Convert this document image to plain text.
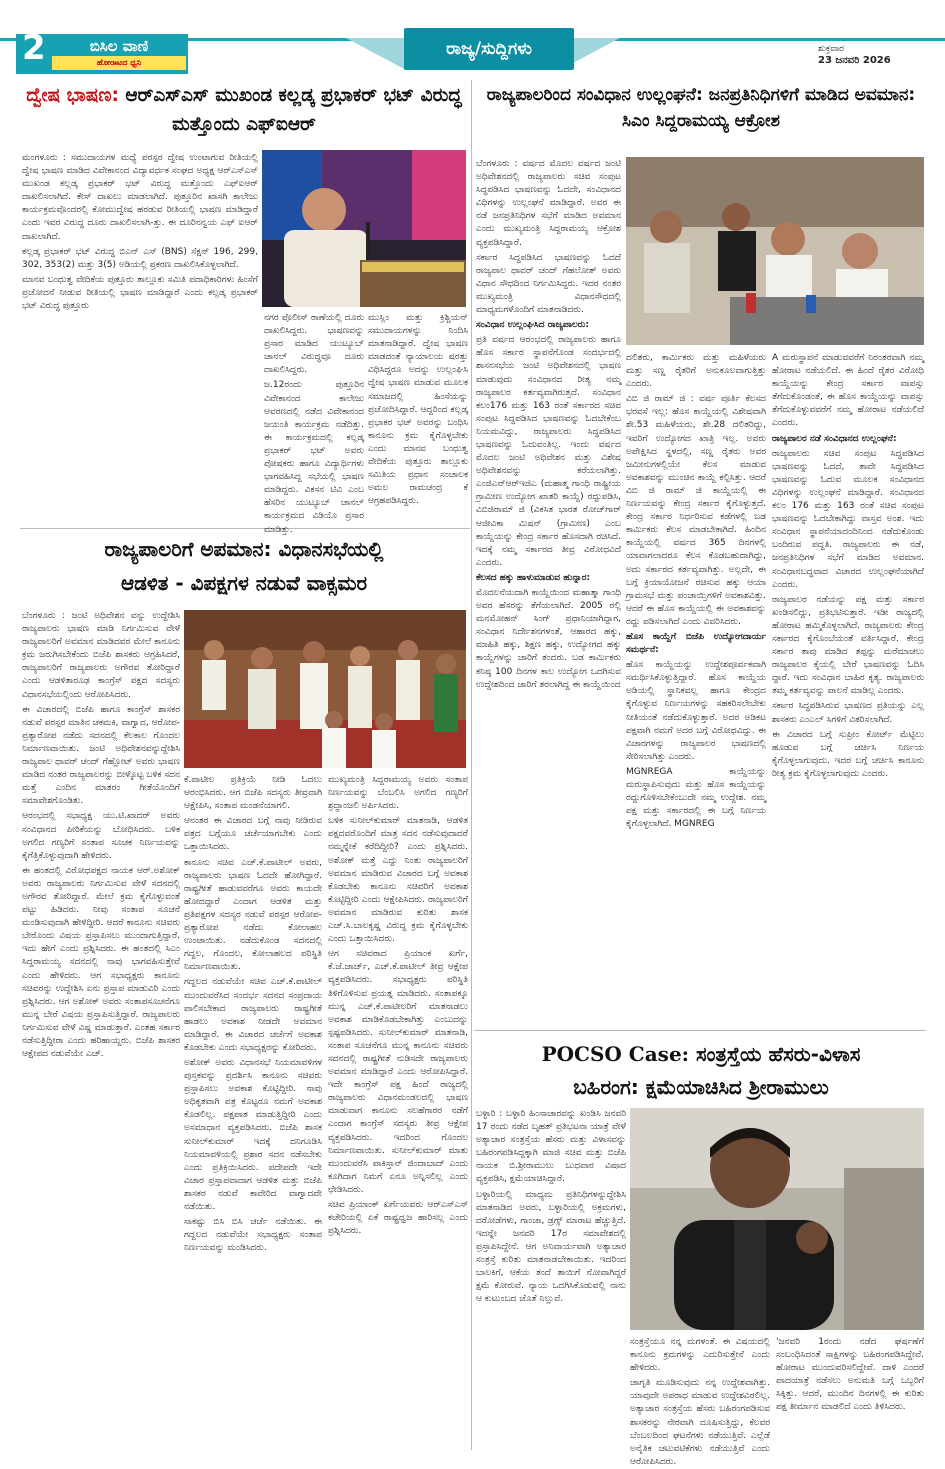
2	ಬಿಸಿಲ ವಾಣಿ
ಹೋರಾಟದ ಧ್ವನಿ
ರಾಜ್ಯ/ಸುದ್ದಿಗಳು	ಶುಕ್ರವಾರ
23 ಜನವರಿ 2026
ದ್ವೇಷ ಭಾಷಣ: ಆರ್‌ಎಸ್‌ಎಸ್ ಮುಖಂಡ ಕಲ್ಲಡ್ಕ ಪ್ರಭಾಕರ್ ಭಟ್ ವಿರುದ್ಧ ಮತ್ತೊಂದು ಎಫ್‌ಐಆರ್

ಮಂಗಳೂರು : ಸಮುದಾಯಗಳ ಮಧ್ಯೆ ಪರಸ್ಪರ ದ್ವೇಷ ಉಂಟಾಗುವ ರೀತಿಯಲ್ಲಿ ದ್ವೇಷ ಭಾಷಣ ಮಾಡಿದ ವಿವೇಕಾನಂದ ವಿದ್ಯಾವರ್ಧಕ ಸಂಘದ ಅಧ್ಯಕ್ಷ ಆರ್‌ಎಸ್‌ಎಸ್ ಮುಖಂಡ ಕಲ್ಲಡ್ಕ ಪ್ರಭಾಕರ್ ಭಟ್ ವಿರುದ್ಧ ಮತ್ತೊಂದು ಎಫ್‌ಐಆರ್ ದಾಖಲಿಸಲಾಗಿದೆ. ಕೇಸ್ ದಾಖಲು ಮಾಡಲಾಗಿದೆ. ಪುತ್ತೂರಿನ ಖಾಸಗಿ ಕಾಲೇಜು ಕಾರ್ಯಕ್ರಮವೊಂದರಲ್ಲಿ ಕೋಮುದ್ವೇಷ ಹರಡುವ ರೀತಿಯಲ್ಲಿ ಭಾಷಣ ಮಾಡಿದ್ದಾರೆ ಎಂದು ಇವರ ವಿರುದ್ಧ ದೂರು ದಾಖಲಿಸಲಾಗಿ-ತ್ತು. ಈ ದೂರಿನನ್ವಯ ಎಫ್ ಐಆರ್ ದಾಖಲಾಗಿದೆ.

ಕಲ್ಲಡ್ಕ ಪ್ರಭಾಕರ್ ಭಟ್ ವಿರುದ್ಧ ಬಿಎನ್ ಎಸ್ (BNS) ಸೆಕ್ಷನ್ 196, 299, 302, 353(2) ಮತ್ತು 3(5) ಅಡಿಯಲ್ಲಿ ಪ್ರಕರಣ ದಾಖಲಿಸಿಕೊಳ್ಳಲಾಗಿದೆ.

ಮಾನವ ಬಂಧುತ್ವ ವೇದಿಕೆಯ ಪುತ್ತೂರು ತಾಲ್ಲೂಕು ಸಮಿತಿ ಪದಾಧಿಕಾರಿಗಳು ಹಿಂಸೆಗೆ ಪ್ರಚೋದನೆ ನೀಡುವ ರೀತಿಯಲ್ಲಿ ಭಾಷಣ ಮಾಡಿದ್ದಾರೆ ಎಂದು ಕಲ್ಲಡ್ಕ ಪ್ರಭಾಕರ್ ಭಟ್ ವಿರುದ್ಧ ಪುತ್ತೂರು

ನಗರ ಪೊಲೀಸ್ ಠಾಣೆಯಲ್ಲಿ ದೂರು ದಾಖಲಿಸಿದ್ದರು. ಭಾಷಣವನ್ನು ಪ್ರಸಾರ ಮಾಡಿದ ಯುಟ್ಯೂಬ್ ಚಾನಲ್ ವಿರುದ್ಧವೂ ದೂರು ದಾಖಲಿಸಿದ್ದರು.

ಜ.12ರಂದು ಪುತ್ತೂರಿನ ವಿವೇಕಾನಂದ ಕಾಲೇಜು ಆವರಣದಲ್ಲಿ ನಡೆದ ವಿವೇಕಾನಂದ ಜಯಂತಿ ಕಾರ್ಯಕ್ರಮ ನಡೆದಿತ್ತು. ಈ ಕಾರ್ಯಕ್ರಮದಲ್ಲಿ ಕಲ್ಲಡ್ಕ ಪ್ರಭಾಕರ್ ಭಟ್ ಅವರು ಪೋಷಕರು ಹಾಗೂ ವಿದ್ಯಾರ್ಥಿಗಳು ಭಾಗವಹಿಸಿದ್ದ ಸಭೆಯಲ್ಲಿ ಭಾಷಣ ಮಾಡಿದ್ದರು. ವಿಕಸನ ಟಿವಿ ಎಂಬ ಹೆಸರಿನ ಯುಟ್ಯೂಬ್ ಚಾನಲ್ ಕಾರ್ಯಕ್ರಮದ ವಿಡಿಯೊ ಪ್ರಸಾರ ಮಾಡಿತ್ತು.

ಮುಸ್ಲಿಂ ಮತ್ತು ಕ್ರಿಶ್ಚಿಯನ್ ಸಮುದಾಯಗಳನ್ನು ನಿಂದಿಸಿ ಮಾತನಾಡಿದ್ದಾರೆ. ದ್ವೇಷ ಭಾಷಣ ಮಾಡದಂತೆ ನ್ಯಾಯಾಲಯ ಷರತ್ತು ವಿಧಿಸಿದ್ದರೂ ಅದನ್ನು ಉಲ್ಲಂಘಿಸಿ ದ್ವೇಷ ಭಾಷಣ ಮಾಡುವ ಮೂಲಕ ಸಮಾಜದಲ್ಲಿ ಹಿಂಸೆಯನ್ನು ಪ್ರಚೋದಿಸಿದ್ದಾರೆ. ಆದ್ದರಿಂದ ಕಲ್ಲಡ್ಕ ಪ್ರಭಾಕರ ಭಟ್ ಅವರನ್ನು ಬಂಧಿಸಿ ಕಾನೂನು ಕ್ರಮ ಕೈಗೊಳ್ಳಬೇಕು ಎಂದು ಮಾನವ ಬಂಧುತ್ವ ವೇದಿಕೆಯ ಪುತ್ತೂರು ತಾಲ್ಲೂಕು ಸಮಿತಿಯ ಪ್ರಧಾನ ಸಂಚಾಲಕ ಅಮಲ ರಾಮಚಂದ್ರ ಕೆ ಆಗ್ರಹಪಡಿಸಿದ್ದರು.

ರಾಜ್ಯಪಾಲರಿಂದ ಸಂವಿಧಾನ ಉಲ್ಲಂಘನೆ: ಜನಪ್ರತಿನಿಧಿಗಳಿಗೆ ಮಾಡಿದ ಅವಮಾನ: ಸಿಎಂ ಸಿದ್ದರಾಮಯ್ಯ ಆಕ್ರೋಶ

ಬೆಂಗಳೂರು : ವರ್ಷದ ಮೊದಲ ವರ್ಷದ ಜಂಟಿ ಅಧಿವೇಶನದಲ್ಲಿ ರಾಜ್ಯಪಾಲರು ಸಚಿವ ಸಂಪುಟ ಸಿದ್ಧಪಡಿಸಿದ ಭಾಷಣವನ್ನು ಓದದೇ, ಸಂವಿಧಾನದ ವಿಧಿಗಳನ್ನು ಉಲ್ಲಂಘನೆ ಮಾಡಿದ್ದಾರೆ. ಅವರ ಈ ನಡೆ ಜನಪ್ರತಿನಿಧಿಗಳ ಸಭೆಗೆ ಮಾಡಿದ ಅವಮಾನ ಎಂದು ಮುಖ್ಯಮಂತ್ರಿ ಸಿದ್ದರಾಮಯ್ಯ ಆಕ್ರೋಶ ವ್ಯಕ್ತಪಡಿಸಿದ್ದಾರೆ.

ಸರ್ಕಾರ ಸಿದ್ಧಪಡಿಸಿದ ಭಾಷಣವನ್ನು ಓದದೆ ರಾಜ್ಯಪಾಲ ಥಾವರ್ ಚಂದ್ ಗೆಹಲೋತ್ ಅವರು ವಿಧಾನ ಸೌಧದಿಂದ ನಿರ್ಗಮಿಸಿದ್ದರು. ಇದರ ನಂತರ ಮುಖ್ಯಮಂತ್ರಿ ವಿಧಾನಸೌಧದಲ್ಲಿ ಮಾಧ್ಯಮಗಳೊಂದಿಗೆ ಮಾತನಾಡಿದರು.

ಸಂವಿಧಾನ ಉಲ್ಲಂಘಿಸಿದ ರಾಜ್ಯಪಾಲರು:

ಪ್ರತಿ ವರ್ಷದ ಆರಂಭದಲ್ಲಿ ರಾಜ್ಯಪಾಲರು ಹಾಗೂ ಹೊಸ ಸರ್ಕಾರ ಸ್ಥಾಪನೆಗೊಂಡ ಸಂದರ್ಭದಲ್ಲಿ ಶಾಸನಸಭೆಯ ಜಂಟಿ ಅಧಿವೇಶನದಲ್ಲಿ ಭಾಷಣ ಮಾಡುವುದು ಸಂವಿಧಾನದ ರೀತ್ಯ ನಮ್ಮ ರಾಜ್ಯಪಾಲರ ಕರ್ತವ್ಯವಾಗಿರುತ್ತದೆ. ಸಂವಿಧಾನ ಕಲಂ176 ಮತ್ತು 163 ರಂತೆ ಸರ್ಕಾರದ ಸಚಿವ ಸಂಪುಟ ಸಿದ್ಧಪಡಿಸಿದ ಭಾಷಣವನ್ನು ಓದಬೇಕೆಂಬ ನಿಯಮವಿದ್ದು, ರಾಜ್ಯಪಾಲರು ಸಿದ್ಧಪಡಿಸಿದ ಭಾಷಣವನ್ನು ಓದುವಂತಿಲ್ಲ. ಇಂದು ವರ್ಷದ ಮೊದಲ ಜಂಟಿ ಅಧಿವೇಶನ ಮತ್ತು ವಿಶೇಷ ಅಧಿವೇಶನವನ್ನು ಕರೆಯಲಾಗಿತ್ತು. ಎಂಜಿಎನ್ಆರ್‌ಇಜಿಎ (ಮಹಾತ್ಮ ಗಾಂಧಿ ರಾಷ್ಟ್ರೀಯ ಗ್ರಾಮೀಣ ಉದ್ಯೋಗ ಖಾತರಿ ಕಾಯ್ದೆ) ರದ್ದುಪಡಿಸಿ, ವಿಬಿಜಿರಾಮ್ ಜಿ (ವಿಕಸಿತ ಭಾರತ ರೋಜ್‌ಗಾರ್ ಆಜೀವಿಕಾ ಮಿಷನ್ (ಗ್ರಾಮೀಣ) ಎಂಬ ಕಾಯ್ದೆಯನ್ನು ಕೇಂದ್ರ ಸರ್ಕಾರ ಹೊಸದಾಗಿ ರಚಿಸಿದೆ. ಇದಕ್ಕೆ ನಮ್ಮ ಸರ್ಕಾರದ ತೀವ್ರ ವಿರೋಧವಿದೆ ಎಂದರು.

ಕೆಲಸದ ಹಕ್ಕು ಹಾಳುಮಾಡುವ ಹುನ್ನಾರ:

ಮೊದಲನೆಯದಾಗಿ ಕಾಯ್ದೆಯಿಂದ ಮಹಾತ್ಮಾ ಗಾಂಧಿ ಅವರ ಹೆಸರನ್ನು ತೆಗೆಯಲಾಗಿದೆ. 2005 ರಲ್ಲಿ ಮನಮೋಹನ್ ಸಿಂಗ್ ಪ್ರಧಾನಿಯಾಗಿದ್ದಾಗ, ಸಂವಿಧಾನ ನಿರ್ದೇಶನಗಳಂತೆ, ಆಹಾರದ ಹಕ್ಕು, ಮಾಹಿತಿ ಹಕ್ಕು, ಶಿಕ್ಷಣ ಹಕ್ಕು, ಉದ್ಯೋಗದ ಹಕ್ಕು ಕಾಯ್ದೆಗಳನ್ನು ಜಾರಿಗೆ ತಂದರು. ಬಡ ಕಾರ್ಮಿಕರು ಕನಿಷ್ಠ 100 ದಿನಗಳ ಕಾಲ ಉದ್ಯೋಗ ಒದಗಿಸುವ ಉದ್ದೇಶದಿಂದ ಜಾರಿಗೆ ತರಲಾಗಿದ್ದ ಈ ಕಾಯ್ದೆಯಿಂದ

ದಲಿತರು, ಕಾರ್ಮಿಕರು ಮತ್ತು ಮಹಿಳೆಯರು ಮತ್ತು ಸಣ್ಣ ರೈತರಿಗೆ ಅನುಕೂಲವಾಗುತ್ತಿತ್ತು ಎಂದರು.

ವಿಬಿ ಜಿ ರಾಮ್ ಜಿ : ವರ್ಷ ಪೂರ್ತಿ ಕೆಲಸದ ಭರವಸೆ ಇಲ್ಲ: ಹೊಸ ಕಾಯ್ದೆಯಲ್ಲಿ ವಿಶೇಷವಾಗಿ ಶೇ.53 ಮಹಿಳೆಯರು, ಶೇ.28 ದಲಿತರಿದ್ದು, ಇವರಿಗೆ ಉದ್ಯೋಗದ ಖಾತ್ರಿ ಇಲ್ಲ. ಅವರು ಅಪೇಕ್ಷಿಸಿದ ಸ್ಥಳದಲ್ಲಿ, ಸಣ್ಣ ರೈತರು ಅವರ ಜಮೀನುಗಳಲ್ಲಿಯೇ ಕೆಲಸ ಮಾಡುವ ಅವಕಾಶವನ್ನು ಮುಂಚಿನ ಕಾಯ್ದೆ ಕಲ್ಪಿಸಿತ್ತು. ಆದರೆ ವಿಬಿ ಜಿ ರಾಮ್ ಜಿ ಕಾಯ್ದೆಯಲ್ಲಿ ಈ ನಿರ್ಣಯವನ್ನು ಕೇಂದ್ರ ಸರ್ಕಾರ ಕೈಗೊಳ್ಳುತ್ತದೆ. ಕೇಂದ್ರ ಸರ್ಕಾರ ನಿರ್ಧರಿಸುವ ಕಡೆಗಳಲ್ಲಿ ಬಡ ಕಾರ್ಮಿಕರು ಕೆಲಸ ಮಾಡಬೇಕಾಗಿದೆ. ಹಿಂದಿನ ಕಾಯ್ದೆಯಲ್ಲಿ ವರ್ಷದ 365 ದಿನಗಳಲ್ಲಿ ಯಾವಾಗಲಾದರೂ ಕೆಲಸ ಕೊಡಬಹುದಾಗಿದ್ದು, ಅದು ಸರ್ಕಾರದ ಕರ್ತವ್ಯವಾಗಿತ್ತು. ಅಲ್ಲದೇ, ಈ ಬಗ್ಗೆ ಕ್ರಿಯಾಯೋಜನೆ ರಚಿಸುವ ಹಕ್ಕು ಆಯಾ ಗ್ರಾಮಸಭೆ ಮತ್ತು ಪಂಚಾಯ್ತಿಗಳಿಗೆ ಅವಕಾಶವಿತ್ತು. ಆದರೆ ಈ ಹೊಸ ಕಾಯ್ದೆಯಲ್ಲಿ ಈ ಅವಕಾಶವನ್ನು ರದ್ದು ಪಡಿಸಲಾಗಿದೆ ಎಂದು ವಿವರಿಸಿದರು.

ಹೊಸ ಕಾಯ್ದೆಗೆ ಬಿಜೆಪಿ ಉದ್ಯೋಗದಾರ್ಯ ಸಮರ್ಥನೆ:

ಹೊಸ ಕಾಯ್ದೆಯನ್ನು ಉದ್ದೇಶಪೂರ್ವಕವಾಗಿ ಸಮರ್ಥಿಸಿಕೊಳ್ಳುತ್ತಿದ್ದಾರೆ. ಹೊಸ ಕಾಯ್ದೆಯ ಅಡಿಯಲ್ಲಿ ಸ್ಥಾನಿಕವಲ್ಲ ಹಾಗೂ ಕೇಂದ್ರದ ಕೈಗೊಳ್ಳುವ ನಿರ್ಣಯಗಳನ್ನು ಸಹಕರಿಸಲೇಬೇಕು ನೀತಿಯಂತೆ ನಡೆದುಕೊಳ್ಳುತ್ತಾರೆ. ಅದರ ಅಡಿಕಟ ಪಕ್ಷವಾಗಿ ನಮಗೆ ಅದರ ಬಗ್ಗೆ ವಿರೋಧವಿದ್ದು. ಈ ವಿಚಾರಗಳನ್ನು ರಾಜ್ಯಪಾಲರ ಭಾಷಣದಲ್ಲಿ ಸೇರಿಸಲಾಗಿತ್ತು ಎಂದರು.

MGNREGA ಕಾಯ್ದೆಯನ್ನು ಮರುಸ್ಥಾಪಿಸುವುದು ಮತ್ತು ಹೊಸ ಕಾಯ್ದೆಯನ್ನು ರದ್ದುಗೊಳಿಸಬೇಕೆಂಬುದೇ ನಮ್ಮ ಉದ್ದೇಶ. ನಮ್ಮ ಪಕ್ಷ ಮತ್ತು ಸರ್ಕಾರದಲ್ಲಿ ಈ ಬಗ್ಗೆ ನಿರ್ಣಯ ಕೈಗೊಳ್ಳಲಾಗಿದೆ. MGNREG

A ಮರುಸ್ಥಾಪನೆ ಮಾಡುವವರೆಗೆ ನಿರಂತರವಾಗಿ ನಮ್ಮ ಹೋರಾಟ ನಡೆಯಲಿದೆ. ಈ ಹಿಂದೆ ರೈತರ ವಿರೋಧಿ ಕಾಯ್ದೆಯನ್ನು ಕೇಂದ್ರ ಸರ್ಕಾರ ವಾಪಸ್ಸು ತೆಗೆದುಕೊಂಡಂತೆ, ಈ ಹೊಸ ಕಾಯ್ದೆಯನ್ನು ವಾಪಸ್ಸು ತೆಗೆದುಕೊಳ್ಳುವವರೆಗೆ ನಮ್ಮ ಹೋರಾಟ ನಡೆಯಲಿದೆ ಎಂದರು.

ರಾಜ್ಯಪಾಲರ ನಡೆ ಸಂವಿಧಾನದ ಉಲ್ಲಂಘನೆ:

ರಾಜ್ಯಪಾಲರು ಸಚಿವ ಸಂಪುಟ ಸಿದ್ಧಪಡಿಸಿದ ಭಾಷಣವನ್ನು ಓದದೆ, ತಾವೇ ಸಿದ್ಧಪಡಿಸಿದ ಭಾಷಣವನ್ನು ಓದುವ ಮೂಲಕ ಸಂವಿಧಾನದ ವಿಧಿಗಳನ್ನು ಉಲ್ಲಂಘನೆ ಮಾಡಿದ್ದಾರೆ. ಸಂವಿಧಾನದ ಕಲಂ 176 ಮತ್ತು 163 ರಂತೆ ಸಚಿವ ಸಂಪುಟ ಭಾಷಣವನ್ನು ಓದಬೇಕಾಗಿದ್ದು ವಾಸ್ತವ ಅಂಶ. ಇದು ಸಂವಿಧಾನ ಸ್ಥಾಪನೆಯಾದಂದಿನಿಂದ ನಡೆದುಕೊಂಡು ಬಂದಿರುವ ಪದ್ಧತಿ. ರಾಜ್ಯಪಾಲರು ಈ ನಡೆ, ಜನಪ್ರತಿನಿಧಿಗಳ ಸಭೆಗೆ ಮಾಡಿದ ಅವಮಾನ. ಸಂವಿಧಾನಬದ್ಧವಾದ ವಿಚಾರದ ಉಲ್ಲಂಘನೆಯಾಗಿದೆ ಎಂದರು.

ರಾಜ್ಯಪಾಲರ ನಡೆಯನ್ನು ಪಕ್ಷ ಮತ್ತು ಸರ್ಕಾರ ಖಂಡಿಸಲಿದ್ದು, ಪ್ರತಿಭಟಿಸುತ್ತಾರೆ. ಇಡೀ ರಾಜ್ಯದಲ್ಲಿ ಹೋರಾಟ ಹಮ್ಮಿಕೊಳ್ಳಲಾಗಿದೆ. ರಾಜ್ಯಪಾಲರು ಕೇಂದ್ರ ಸರ್ಕಾರದ ಕೈಗೊಂಬೆಯಂತೆ ವರ್ತಿಸಿದ್ದಾರೆ. ಕೇಂದ್ರ ಸರ್ಕಾರ ತಾವು ಮಾಡಿದ ತಪ್ಪನ್ನು ಮರೆಮಾಚಲು ರಾಜ್ಯಪಾಲರ ಕೈಯಲ್ಲಿ ಬೇರೆ ಭಾಷಣವನ್ನು ಓದಿಸಿ ದ್ದಾರೆ. ಇದು ಸಂವಿಧಾನ ಬಾಹಿರ ಕೃತ್ಯ. ರಾಜ್ಯಪಾಲರು ತಮ್ಮ ಕರ್ತವ್ಯವನ್ನು ಪಾಲನೆ ಮಾಡಿಲ್ಲ ಎಂದರು.

ಸರ್ಕಾರ ಸಿದ್ಧಪಡಿಸಿರುವ ಭಾಷಣದ ಪ್ರತಿಯನ್ನು ಎಲ್ಲ ಶಾಸಕರು ಎಂಎಲ್ ಸಿಗಳಿಗೆ ವಿತರಿಸಲಾಗಿದೆ.

ಈ ವಿಚಾರದ ಬಗ್ಗೆ ಸುಪ್ರೀಂ ಕೋರ್ಟ್ ಮೆಟ್ಟಿಲು ಹೂಡುವ ಬಗ್ಗೆ ಚರ್ಚಿಸಿ ನಿರ್ಣಯ ಕೈಗೊಳ್ಳಲಾಗುವುದು. ಇದರ ಬಗ್ಗೆ ಚರ್ಚಿಸಿ ಕಾನೂನು ರೀತ್ಯ ಕ್ರಮ ಕೈಗೊಳ್ಳಲಾಗುವುದು ಎಂದರು.

ರಾಜ್ಯಪಾಲರಿಗೆ ಅಪಮಾನ: ವಿಧಾನಸಭೆಯಲ್ಲಿ
ಆಡಳಿತ - ವಿಪಕ್ಷಗಳ ನಡುವೆ ವಾಕ್ಸಮರ

ಬೆಂಗಳೂರು : ಜಂಟಿ ಅಧಿವೇಶನ ವನ್ನು ಉದ್ದೇಶಿಸಿ ರಾಜ್ಯಪಾಲರು ಭಾಷಣ ಮಾಡಿ ನಿರ್ಗಮಿಸುವ ವೇಳೆ ರಾಜ್ಯಪಾಲರಿಗೆ ಅವಮಾನ ಮಾಡಿದವರ ಮೇಲೆ ಕಾನೂನು ಕ್ರಮ ಜರುಗಿಸಬೇಕೆಂದು ಬಿಜೆಪಿ ಶಾಸಕರು ಆಗ್ರಹಿಸಿದರೆ, ರಾಜ್ಯಪಾಲರಿಗೆ ರಾಜ್ಯಪಾಲರು ಅಗೌರವ ತೋರಿದ್ದಾರೆ ಎಂದು ಆಡಳಿತಾರೂಢ ಕಾಂಗ್ರೆಸ್ ಪಕ್ಷದ ಸದಸ್ಯರು ವಿಧಾನಸಭೆಯಲ್ಲಿಂದು ಆರೋಪಿಸಿದರು.

ಈ ವಿಚಾರದಲ್ಲಿ ಬಿಜೆಪಿ ಹಾಗೂ ಕಾಂಗ್ರೆಸ್ ಶಾಸಕರ ನಡುವೆ ಪರಸ್ಪರ ಮಾತಿನ ಚಕಮಕಿ, ವಾಗ್ವಾದ, ಆರೋಪ-ಪ್ರತ್ಯಾರೋಪ ನಡೆದು ಸದನದಲ್ಲಿ ಕೆಲಕಾಲ ಗೊಂದಲ ನಿರ್ಮಾಣವಾಯಿತು. ಜಂಟಿ ಅಧಿವೇಶನವನ್ನುದ್ದೇಶಿಸಿ ರಾಜ್ಯಪಾಲ ಥಾವರ್ ಚಂದ್ ಗೆಹ್ಲೋಟ್ ಅವರು ಭಾಷಣ ಮಾಡಿದ ನಂತರ ರಾಜ್ಯಪಾಲರನ್ನು ಬೀಳ್ಕೊಟ್ಟ ಬಳಿಕ ಸದನ ಮತ್ತೆ ಎಂದಿನ ಮಾತರಂ ಗೀತೆಯೊಂದಿಗೆ ಸಮಾವೇಶಗೊಂಡಿತು.

ಆರಂಭದಲ್ಲಿ ಸಭಾಧ್ಯಕ್ಷ ಯು.ಟಿ.ಖಾದರ್ ಅವರು ಸಂವಿಧಾನದ ಪೀಠಿಕೆಯನ್ನು ಬೋಧಿಸಿದರು. ಬಳಿಕ ಅಗಲಿದ ಗಣ್ಯರಿಗೆ ಸಂತಾಪ ಸೂಚಕ ನಿರ್ಣಯವನ್ನು ಕೈಗೆತ್ತಿಕೊಳ್ಳುವುದಾಗಿ ಹೇಳಿದರು.

ಈ ಹಂತದಲ್ಲಿ ವಿರೋಧಪಕ್ಷದ ನಾಯಕ ಆರ್.ಅಶೋಕ್ ಅವರು ರಾಜ್ಯಪಾಲರು ನಿರ್ಗಮಿಸುವ ವೇಳೆ ಸದನದಲ್ಲಿ ಅಗೌರವ ತೋರಿದ್ದಾರೆ. ಮೇಲೆ ಕ್ರಮ ಕೈಗೊಳ್ಳುವಂತೆ ಪಟ್ಟು ಹಿಡಿದರು. ನೀವು ಸಂತಾಪ ಸೂಚನೆ ಮಂಡಿಸುವುದಾಗಿ ಹೇಳಿದ್ದೀರಿ. ಆದರೆ ಕಾನೂನು ಸಚಿವರು ಬೇರೊಂದು ವಿಷಯ ಪ್ರಸ್ತಾಪಿಸಲು ಮುಂದಾಗುತ್ತಿದ್ದಾರೆ. ಇದು ಹೇಗೆ ಎಂದು ಪ್ರಶ್ನಿಸಿದರು. ಈ ಹಂತದಲ್ಲಿ ಸಿಎಂ ಸಿದ್ದರಾಮಯ್ಯ ಸದನದಲ್ಲಿ ನಾವು ಭಾಗವಹಿಸುತ್ತೇವೆ ಎಂದು ಹೇಳಿದರು. ಆಗ ಸಭಾಧ್ಯಕ್ಷರು ಕಾನೂನು ಸಚಿವರನ್ನು ಉದ್ದೇಶಿಸಿ ಏನು ಪ್ರಸ್ತಾಪ ಮಾಡುವಿರಿ ಎಂದು ಪ್ರಶ್ನಿಸಿದರು. ಆಗ ಅಶೋಕ್ ಅವರು ಸಂತಾಪಸೂಚನೆಗೂ ಮುನ್ನ ಬೇರೆ ವಿಷಯ ಪ್ರಸ್ತಾಪಿಸುತ್ತಿದ್ದಾರೆ. ರಾಜ್ಯಪಾಲರು ನಿರ್ಗಮಿಸುವ ವೇಳೆ ವಿಷ್ಣ ಮಾಡುತ್ತಾರೆ. ಎಂತಹ ಸರ್ಕಾರ ನಡೆಸುತ್ತಿದ್ದೀರಾ ಎಂದು ಹರಿಹಾಯ್ದರು. ಬಿಜೆಪಿ ಶಾಸಕರ ಆಕ್ಷೇಪದ ನಡುವೆಯೇ ಎಚ್.

ಕೆ.ಪಾಟೀಲ ಪ್ರತಿಕ್ರಿಯೆ ನೀಡಿ ಓದಲು ಆರಂಭಿಸಿದರು. ಆಗ ಬಿಜೆಪಿ ಸದಸ್ಯರು ತೀವ್ರವಾಗಿ ಆಕ್ಷೇಪಿಸಿ, ಸಂತಾಪ ಮಂಡನೆಯಾಗಲಿ.

ಆನಂತರ ಈ ವಿಚಾರದ ಬಗ್ಗೆ ನಾವು ನೀಡಿರುವ ಪತ್ರದ ಬಗ್ಗೆಯೂ ಚರ್ಚೆಯಾಗಬೇಕು ಎಂದು ಒತ್ತಾಯಿಸಿದರು.

ಕಾನೂನು ಸಚಿವ ಎಚ್.ಕೆ.ಪಾಟೀಲ್ ಅವರು, ರಾಜ್ಯಪಾಲರು ಭಾಷಣ ಓದದೇ ಹೋಗಿದ್ದಾರೆ. ರಾಷ್ಟ್ರಗೀತೆ ಹಾಡುವವರೆಗೂ ಅವರು ಕಾಯದೇ ಹೋದದ್ದಾರೆ ಎಂದಾಗ ಆಡಳಿತ ಮತ್ತು ಪ್ರತಿಪಕ್ಷಗಳ ಸದಸ್ಯರ ನಡುವೆ ಪರಸ್ಪರ ಆರೋಪ-ಪ್ರತ್ಯಾರೋಪ ನಡೆದು ಕೋಲಾಹಲ ಉಂಟಾಯಿತು. ನಡೆದುಕೊಂಡ ಸದನದಲ್ಲಿ ಗದ್ದಲ, ಗೊಂದಲ, ಕೋಲಾಹಲದ ಪರಿಸ್ಥಿತಿ ನಿರ್ಮಾಣವಾಯಿತು.

ಗದ್ದಲದ ನಡುವೆಯೇ ಸಚಿವ ಎಚ್.ಕೆ.ಪಾಟೀಲ್ ಮುಂದುವರೆಸಿದ ಸಂದರ್ಭ ಸದನದ ಸಂಪ್ರದಾಯ ಪಾಲಿಸಬೇಕಾದ ರಾಜ್ಯಪಾಲರು ರಾಷ್ಟ್ರಗೀತೆ ಹಾಡಲು ಅವಕಾಶ ನೀಡದೇ ಅವಮಾನ ಮಾಡಿದ್ದಾರೆ. ಈ ವಿಚಾರದ ಚರ್ಚೆಗೆ ಅವಕಾಶ ಕೊಡಬೇಕು ಎಂದು ಸಭಾಧ್ಯಕ್ಷರನ್ನು ಕೋರಿದರು.

ಅಶೋಕ್ ಅವರು ವಿಧಾನಸಭೆ ನಿಯಮಾವಳಿಗಳ ಪುಸ್ತಕವನ್ನು ಪ್ರದರ್ಶಿಸಿ ಕಾನೂನು ಸಚಿವರು ಪ್ರಸ್ತಾಪಿಸಲು ಅವಕಾಶ ಕೊಟ್ಟಿದ್ದೀರಿ. ನಾವು ಅಧಿಕೃತವಾಗಿ ಪತ್ರ ಕೊಟ್ಟರೂ ನಮಗೆ ಅವಕಾಶ ಕೊಡಲಿಲ್ಲ. ಪಕ್ಷಪಾತ ಮಾಡುತ್ತಿದ್ದೀರಿ ಎಂದು ಅಸಮಾಧಾನ ವ್ಯಕ್ತಪಡಿಸಿದರು. ಬಿಜೆಪಿ ಶಾಸಕ ಸುನೀಲ್‌ಕುಮಾರ್ ಇದಕ್ಕೆ ದನಿಗೂಡಿಸಿ ನಿಯಮಾವಳಿಯಲ್ಲಿ ಪ್ರಶಾರ ಸದನ ನಡೆಸಬೇಕು ಎಂದು ಪ್ರತಿಕ್ರಿಯಿಸಿದರು. ಪದೇಪದೇ ಇದೇ ವಿಚಾರ ಪ್ರಸ್ತಾಪವಾದಾಗ ಆಡಳಿತ ಮತ್ತು ಬಿಜೆಪಿ ಶಾಸಕರ ನಡುವೆ ಕಾವೇರಿದ ವಾಗ್ವಾದವೇ ನಡೆಯಿತು.

ಸಾಕಷ್ಟು ಬಿಸಿ ಬಿಸಿ ಚರ್ಚೆ ನಡೆಯಿತು. ಈ ಗದ್ದಲದ ನಡುವೆಯೇ ಸಭಾಧ್ಯಕ್ಷರು ಸಂತಾಪ ನಿರ್ಣಯವನ್ನು ಮಂಡಿಸಿದರು.

ಮುಖ್ಯಮಂತ್ರಿ ಸಿದ್ದರಾಮಯ್ಯ ಅವರು ಸಂತಾಪ ನಿರ್ಣಯವನ್ನು ಬೆಂಬಲಿಸಿ ಅಗಲಿದ ಗಣ್ಯರಿಗೆ ಶ್ರದ್ಧಾಂಜಲಿ ಅರ್ಪಿಸಿದರು.

ಬಳಿಕ ಸುನೀಲ್‌ಕುಮಾರ್ ಮಾತನಾಡಿ, ಆಡಳಿತ ಪಕ್ಷದವರೊಂದಿಗೆ ಮಾತ್ರ ಸದನ ನಡೆಸುವುದಾದರೆ ನಮ್ಮನ್ನೇಕೆ ಕರೆದಿದ್ದೀರಿ? ಎಂದು ಪ್ರಶ್ನಿಸಿದರು. ಅಶೋಕ್ ಮತ್ತೆ ಎದ್ದು ನಿಂತು ರಾಜ್ಯಪಾಲರಿಗೆ ಅವಮಾನ ಮಾಡಿರುವ ವಿಚಾರದ ಬಗ್ಗೆ ಅವಕಾಶ ಕೊಡಬೇಕು ಕಾನೂನು ಸಚಿವರಿಗೆ ಅವಕಾಶ ಕೊಟ್ಟಿದ್ದೀರಿ ಎಂದು ಆಕ್ಷೇಪಿಸಿದರು. ರಾಜ್ಯಪಾಲರಿಗೆ ಅವಮಾನ ಮಾಡಿರುವ ಕುರಿತು ಶಾಸಕ ಎಚ್.ಸಿ.ಬಾಲಕೃಷ್ಣ ವಿರುದ್ಧ ಕ್ರಮ ಕೈಗೊಳ್ಳಬೇಕು ಎಂದು ಒತ್ತಾಯಿಸಿದರು.

ಆಗ ಸಚಿವರಾದ ಪ್ರಿಯಾಂಕ ಖರ್ಗೆ, ಕೆ.ಜೆ.ಜಾರ್ಜ್, ಎಚ್.ಕೆ.ಪಾಟೀಲ್ ತೀವ್ರ ಆಕ್ಷೇಪ ವ್ಯಕ್ತಪಡಿಸಿದರು. ಸಭಾಧ್ಯಕ್ಷರು ಪರಿಸ್ಥಿತಿ ತಿಳಿಗೊಳಿಸುವ ಪ್ರಯತ್ನ ಮಾಡಿದರು. ಸಂತಾಪಕ್ಕೂ ಮುನ್ನ ಎಚ್.ಕೆ.ಪಾಟೀಲರಿಗೆ ಮಾತನಾಡಲು ಅವಕಾಶ ಮಾಡಿಕೊಡಬೇಕಾಗಿತ್ತು ಎಂಬುದನ್ನು ಸ್ಪಷ್ಟಪಡಿಸಿದರು. ಸುನೀಲ್‌ಕುಮಾರ್ ಮಾತನಾಡಿ, ಸಂತಾಪ ಸೂಚನೆಗೂ ಮುನ್ನ ಕಾನೂನು ಸಚಿವರು ಸದನದಲ್ಲಿ ರಾಷ್ಟ್ರಗೀತೆ ನುಡಿಸದೇ ರಾಜ್ಯಪಾಲರು ಅವಮಾನ ಮಾಡಿದ್ದಾರೆ ಎಂದು ಆರೋಪಿಸಿದ್ದಾರೆ. ಇದೇ ಕಾಂಗ್ರೆಸ್ ಪಕ್ಷ ಹಿಂದೆ ರಾಜ್ಯದಲ್ಲಿ ರಾಜ್ಯಪಾಲರು ವಿಧಾನಮಂಡಲದಲ್ಲಿ ಭಾಷಣ ಮಾಡುವಾಗ ಕಾನೂನು ಸಲಹೆಗಾರರ ನಡೆಗೆ ಎಂದಾಗ ಕಾಂಗ್ರೆಸ್ ಸದಸ್ಯರು ತೀವ್ರ ಆಕ್ಷೇಪ ವ್ಯಕ್ತಪಡಿಸಿದರು. ಇದರಿಂದ ಗೊಂದಲ ನಿರ್ಮಾಣವಾಯಿತು. ಸುನೀಲ್‌ಕುಮಾರ್ ಮಾತು ಮುಂದುವರೆಸಿ ಪಾಕಿಸ್ತಾನ್ ಜಿಂದಾಬಾದ್ ಎಂದು ಕೂಗಿದಾಗ ನಿಮಗೆ ಏನೂ ಅನ್ನಿಸಲಿಲ್ಲ ಎಂದು ಛೇಡಿಸಿದರು.

ಸಚಿವ ಪ್ರಿಯಾಂಕ್ ಖರ್ಗೆಯವರು ಆರ್‌ಎಸ್‌ಎಸ್ ಕಚೇರಿಯಲ್ಲಿ ಏಕೆ ರಾಷ್ಟ್ರಧ್ವಜ ಹಾರಿಸಲ್ಲ ಎಂದು ಪ್ರಶ್ನಿಸಿದರು.

POCSO Case: ಸಂತ್ರಸ್ತೆಯ ಹೆಸರು-ವಿಳಾಸ
ಬಹಿರಂಗ: ಕ್ಷಮೆಯಾಚಿಸಿದ ಶ್ರೀರಾಮುಲು

ಬಳ್ಳಾರಿ : ಬಳ್ಳಾರಿ ಹಿಂಸಾಚಾರವನ್ನು ಖಂಡಿಸಿ ಜನವರಿ 17 ರಂದು ನಡೆದ ಬೃಹತ್ ಪ್ರತಿಭಟನಾ ಯಾತ್ರೆ ವೇಳೆ ಅತ್ಯಾಚಾರ ಸಂತ್ರಸ್ತೆಯ ಹೆಸರು ಮತ್ತು ವಿಳಾಸವನ್ನು ಬಹಿರಂಗಪಡಿಸಿದ್ದಕ್ಕಾಗಿ ಮಾಜಿ ಸಚಿವ ಮತ್ತು ಬಿಜೆಪಿ ನಾಯಕ ಬಿ.ಶ್ರೀರಾಮುಲು ಬುಧವಾರ ವಿಷಾದ ವ್ಯಕ್ತಪಡಿಸಿ, ಕ್ಷಮೆಯಾಚಿಸಿದ್ದಾರೆ.

ಬಳ್ಳಾರಿಯಲ್ಲಿ ಮಾಧ್ಯಮ ಪ್ರತಿನಿಧಿಗಳನ್ನುದ್ದೇಶಿಸಿ ಮಾತನಾಡಿದ ಅವರು, ಬಳ್ಳಾರಿಯಲ್ಲಿ ಅಕ್ರಮಗಳು, ದರೋಡೆಗಳು, ಗಾಂಜಾ, ಡ್ರಗ್ಸ್ ಮಾರಾಟ ಹೆಚ್ಚುತ್ತಿದೆ. ಇದನ್ನೇ ಜನವರಿ 17ರ ಸಮಾವೇಶದಲ್ಲಿ ಪ್ರಸ್ತಾಪಿಸಿದ್ದೇನೆ. ಆಗ ಅನಿವಾರ್ಯವಾಗಿ ಅತ್ಯಾಚಾರ ಸಂತ್ರಸ್ತೆ ಕುರಿತು ಮಾತನಾಡಬೇಕಾಯಿತು. ಇದರಿಂದ ಬಾಲಕಿಗೆ, ಆಕೆಯ ತಂದೆ ತಾಯಿಗೆ ನೋವಾಗಿದ್ದರೆ ಕ್ಷಮೆ ಕೋರುವೆ. ನ್ಯಾಯ ಒದಗಿಸಿಕೊಡುವಲ್ಲಿ ನಾನು ಆ ಕುಟುಂಬದ ಜೊತೆ ನಿಲ್ಲುವೆ.

ಸಂತ್ರಸ್ತೆಯೂ ನನ್ನ ಮಗಳಂತೆ. ಈ ವಿಷಯದಲ್ಲಿ ಕಾನೂನು ಕ್ರಮಗಳನ್ನು ಎದುರಿಸುತ್ತೇನೆ ಎಂದು ಹೇಳಿದರು.

ಜಾಗೃತಿ ಮೂಡಿಸುವುದು ನನ್ನ ಉದ್ದೇಶವಾಗಿತ್ತು. ಯಾವುದೇ ಅಪರಾಧ ಮಾಡುವ ಉದ್ದೇಶವಿರಲಿಲ್ಲ. ಅತ್ಯಾಚಾರ ಸಂತ್ರಸ್ತೆಯ ಹೆಸರು ಬಹಿರಂಗಪಡಿಸುವ ಶಾಸಕರನ್ನು ನೇರವಾಗಿ ದೂಷಿಸುತ್ತಿದ್ದು, ಕೆಲವರ ಬೆಂಬಲದಿಂದ ಘಟನೆಗಳು ನಡೆಯುತ್ತಿವೆ. ಎಲ್ಲೆಡೆ ಅನೈತಿಕ ಚಟುವಟಿಕೆಗಳು ನಡೆಯುತ್ತಿವೆ ಎಂದು ಆರೋಪಿಸಿದರು.

'ಜನವರಿ 1ರಂದು ನಡೆದ ಘರ್ಷಣೆಗೆ ಸಂಬಂಧಿಸಿದಂತೆ ಸಾಕ್ಷಿಗಳನ್ನು ಬಹಿರಂಗಪಡಿಸಿದ್ದೇವೆ. ಹೋರಾಟ ಮುಂದುವರಿಸಲಿದ್ದೇವೆ. ದಾಳಿ ಎಂದರೆ ಪಾದಯಾತ್ರೆ ನಡೆಸಲು ಅನುಮತಿ ಬಗ್ಗೆ ಒಬ್ಬರಿಗೆ ಸಿಕ್ಕಿತ್ತು. ಆದರೆ, ಮುಂದಿನ ದಿನಗಳಲ್ಲಿ ಈ ಕುರಿತು ಪಕ್ಷ ತೀರ್ಮಾನ ಮಾಡಲಿದೆ ಎಂದು ತಿಳಿಸಿದರು.
